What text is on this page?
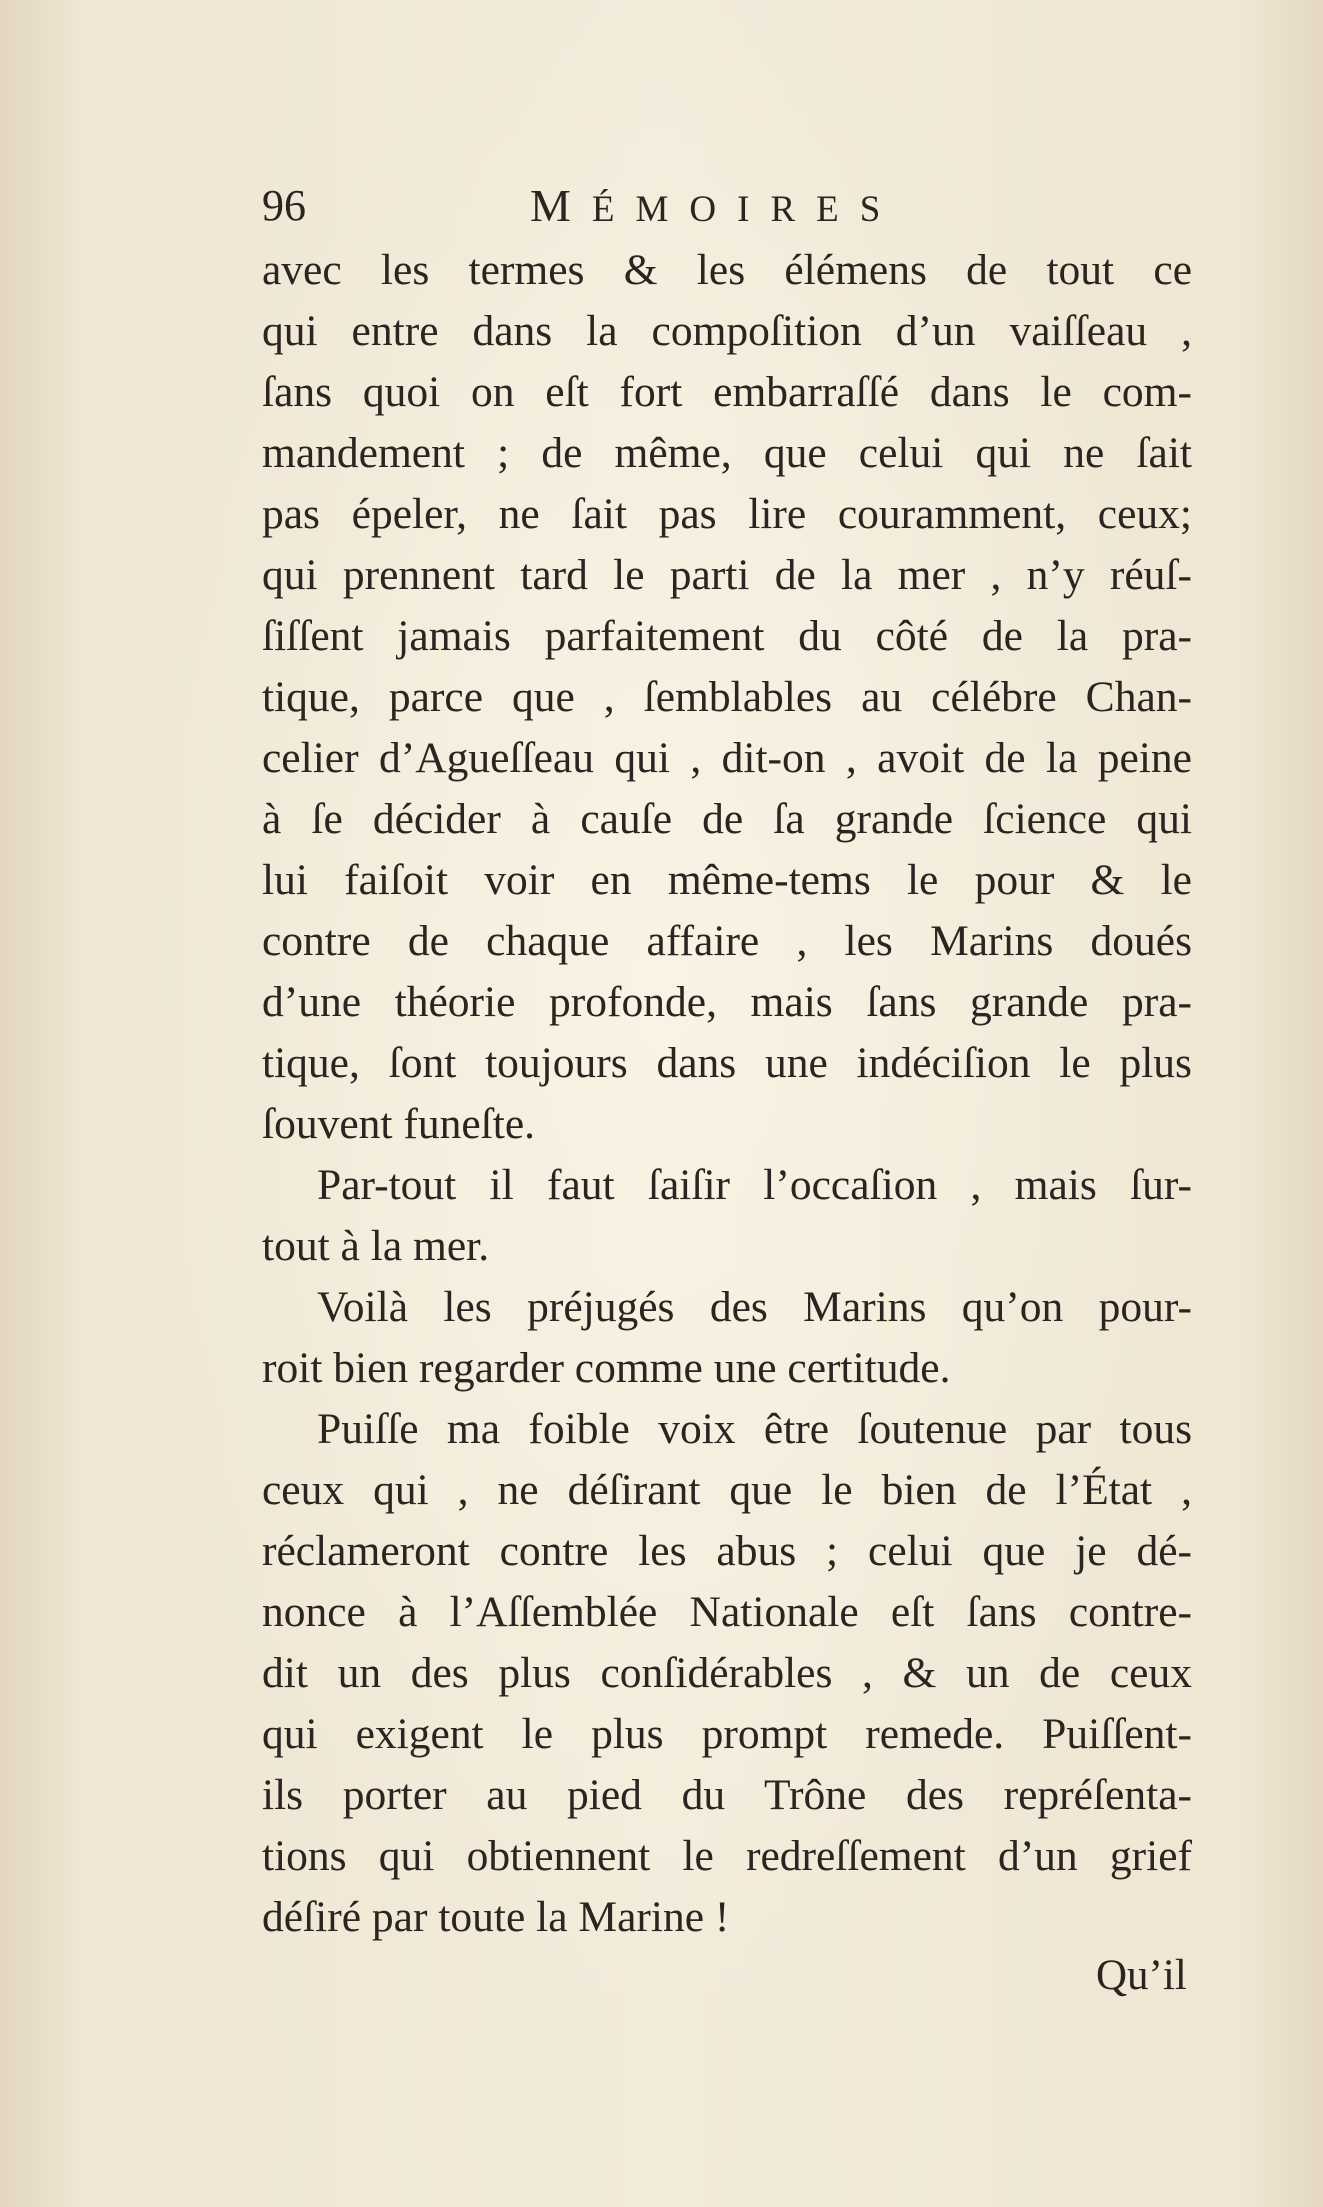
96	MÉMOIRES
avec les termes & les élémens de tout ce
qui entre dans la compoſition d’un vaiſſeau ,
ſans quoi on eſt fort embarraſſé dans le com-
mandement ; de même, que celui qui ne ſait
pas épeler, ne ſait pas lire couramment, ceux;
qui prennent tard le parti de la mer , n’y réuſ-
ſiſſent jamais parfaitement du côté de la pra-
tique, parce que , ſemblables au célébre Chan-
celier d’Agueſſeau qui , dit-on , avoit de la peine
à ſe décider à cauſe de ſa grande ſcience qui
lui faiſoit voir en même-tems le pour & le
contre de chaque affaire , les Marins doués
d’une théorie profonde, mais ſans grande pra-
tique, ſont toujours dans une indéciſion le plus
ſouvent funeſte.
Par-tout il faut ſaiſir l’occaſion , mais ſur-
tout à la mer.
Voilà les préjugés des Marins qu’on pour-
roit bien regarder comme une certitude.
Puiſſe ma foible voix être ſoutenue par tous
ceux qui , ne déſirant que le bien de l’État ,
réclameront contre les abus ; celui que je dé-
nonce à l’Aſſemblée Nationale eſt ſans contre-
dit un des plus conſidérables , & un de ceux
qui exigent le plus prompt remede. Puiſſent-
ils porter au pied du Trône des repréſenta-
tions qui obtiennent le redreſſement d’un grief
déſiré par toute la Marine !
Qu’il
